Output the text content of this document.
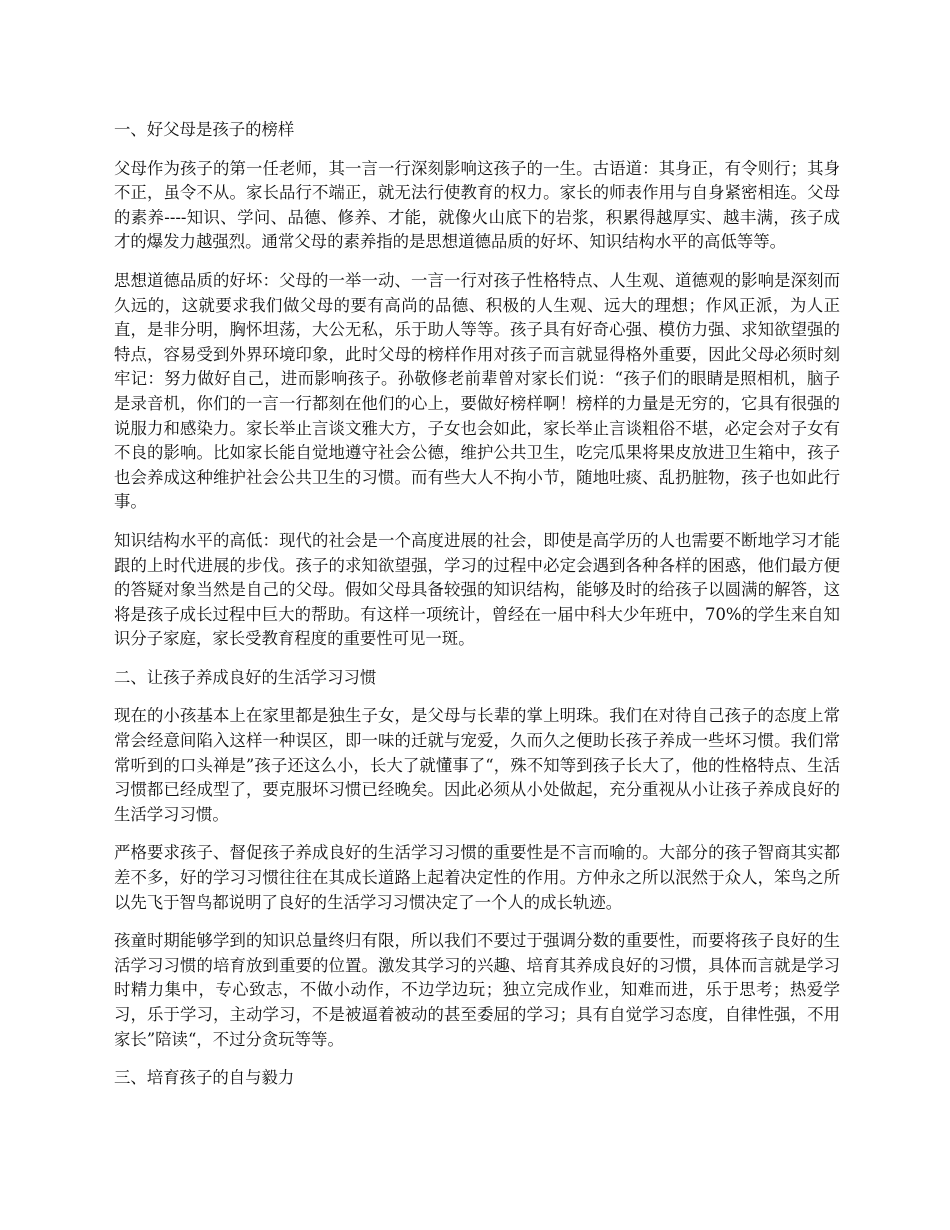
一、好父母是孩子的榜样

父母作为孩子的第一任老师，其一言一行深刻影响这孩子的一生。古语道：其身正，有令则行；其身不正，虽令不从。家长品行不端正，就无法行使教育的权力。家长的师表作用与自身紧密相连。父母的素养----知识、学问、品德、修养、才能，就像火山底下的岩浆，积累得越厚实、越丰满，孩子成才的爆发力越强烈。通常父母的素养指的是思想道德品质的好坏、知识结构水平的高低等等。

思想道德品质的好坏：父母的一举一动、一言一行对孩子性格特点、人生观、道德观的影响是深刻而久远的，这就要求我们做父母的要有高尚的品德、积极的人生观、远大的理想；作风正派，为人正直，是非分明，胸怀坦荡，大公无私，乐于助人等等。孩子具有好奇心强、模仿力强、求知欲望强的特点，容易受到外界环境印象，此时父母的榜样作用对孩子而言就显得格外重要，因此父母必须时刻牢记：努力做好自己，进而影响孩子。孙敬修老前辈曾对家长们说：“孩子们的眼睛是照相机，脑子是录音机，你们的一言一行都刻在他们的心上，要做好榜样啊！榜样的力量是无穷的，它具有很强的说服力和感染力。家长举止言谈文雅大方，子女也会如此，家长举止言谈粗俗不堪，必定会对子女有不良的影响。比如家长能自觉地遵守社会公德，维护公共卫生，吃完瓜果将果皮放进卫生箱中，孩子也会养成这种维护社会公共卫生的习惯。而有些大人不拘小节，随地吐痰、乱扔脏物，孩子也如此行事。

知识结构水平的高低：现代的社会是一个高度进展的社会，即使是高学历的人也需要不断地学习才能跟的上时代进展的步伐。孩子的求知欲望强，学习的过程中必定会遇到各种各样的困惑，他们最方便的答疑对象当然是自己的父母。假如父母具备较强的知识结构，能够及时的给孩子以圆满的解答，这将是孩子成长过程中巨大的帮助。有这样一项统计，曾经在一届中科大少年班中，70%的学生来自知识分子家庭，家长受教育程度的重要性可见一斑。

二、让孩子养成良好的生活学习习惯

现在的小孩基本上在家里都是独生子女，是父母与长辈的掌上明珠。我们在对待自己孩子的态度上常常会经意间陷入这样一种误区，即一味的迁就与宠爱，久而久之便助长孩子养成一些坏习惯。我们常常听到的口头禅是”孩子还这么小，长大了就懂事了“，殊不知等到孩子长大了，他的性格特点、生活习惯都已经成型了，要克服坏习惯已经晚矣。因此必须从小处做起，充分重视从小让孩子养成良好的生活学习习惯。

严格要求孩子、督促孩子养成良好的生活学习习惯的重要性是不言而喻的。大部分的孩子智商其实都差不多，好的学习习惯往往在其成长道路上起着决定性的作用。方仲永之所以泯然于众人，笨鸟之所以先飞于智鸟都说明了良好的生活学习习惯决定了一个人的成长轨迹。

孩童时期能够学到的知识总量终归有限，所以我们不要过于强调分数的重要性，而要将孩子良好的生活学习习惯的培育放到重要的位置。激发其学习的兴趣、培育其养成良好的习惯，具体而言就是学习时精力集中，专心致志，不做小动作，不边学边玩；独立完成作业，知难而进，乐于思考；热爱学习，乐于学习，主动学习，不是被逼着被动的甚至委屈的学习；具有自觉学习态度，自律性强，不用家长”陪读“，不过分贪玩等等。

三、培育孩子的自与毅力
